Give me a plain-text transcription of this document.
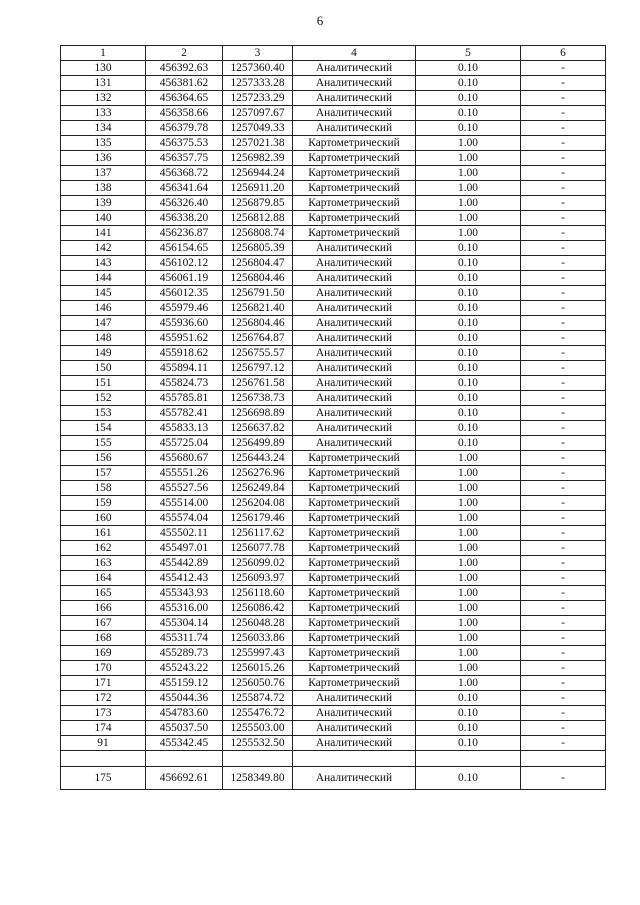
6
1	2	3	4	5	6
130	456392.63	1257360.40	Аналитический	0.10	-
131	456381.62	1257333.28	Аналитический	0.10	-
132	456364.65	1257233.29	Аналитический	0.10	-
133	456358.66	1257097.67	Аналитический	0.10	-
134	456379.78	1257049.33	Аналитический	0.10	-
135	456375.53	1257021.38	Картометрический	1.00	-
136	456357.75	1256982.39	Картометрический	1.00	-
137	456368.72	1256944.24	Картометрический	1.00	-
138	456341.64	1256911.20	Картометрический	1.00	-
139	456326.40	1256879.85	Картометрический	1.00	-
140	456338.20	1256812.88	Картометрический	1.00	-
141	456236.87	1256808.74	Картометрический	1.00	-
142	456154.65	1256805.39	Аналитический	0.10	-
143	456102.12	1256804.47	Аналитический	0.10	-
144	456061.19	1256804.46	Аналитический	0.10	-
145	456012.35	1256791.50	Аналитический	0.10	-
146	455979.46	1256821.40	Аналитический	0.10	-
147	455936.60	1256804.46	Аналитический	0.10	-
148	455951.62	1256764.87	Аналитический	0.10	-
149	455918.62	1256755.57	Аналитический	0.10	-
150	455894.11	1256797.12	Аналитический	0.10	-
151	455824.73	1256761.58	Аналитический	0.10	-
152	455785.81	1256738.73	Аналитический	0.10	-
153	455782.41	1256698.89	Аналитический	0.10	-
154	455833.13	1256637.82	Аналитический	0.10	-
155	455725.04	1256499.89	Аналитический	0.10	-
156	455680.67	1256443.24	Картометрический	1.00	-
157	455551.26	1256276.96	Картометрический	1.00	-
158	455527.56	1256249.84	Картометрический	1.00	-
159	455514.00	1256204.08	Картометрический	1.00	-
160	455574.04	1256179.46	Картометрический	1.00	-
161	455502.11	1256117.62	Картометрический	1.00	-
162	455497.01	1256077.78	Картометрический	1.00	-
163	455442.89	1256099.02	Картометрический	1.00	-
164	455412.43	1256093.97	Картометрический	1.00	-
165	455343.93	1256118.60	Картометрический	1.00	-
166	455316.00	1256086.42	Картометрический	1.00	-
167	455304.14	1256048.28	Картометрический	1.00	-
168	455311.74	1256033.86	Картометрический	1.00	-
169	455289.73	1255997.43	Картометрический	1.00	-
170	455243.22	1256015.26	Картометрический	1.00	-
171	455159.12	1256050.76	Картометрический	1.00	-
172	455044.36	1255874.72	Аналитический	0.10	-
173	454783.60	1255476.72	Аналитический	0.10	-
174	455037.50	1255503.00	Аналитический	0.10	-
91	455342.45	1255532.50	Аналитический	0.10	-

175	456692.61	1258349.80	Аналитический	0.10	-
